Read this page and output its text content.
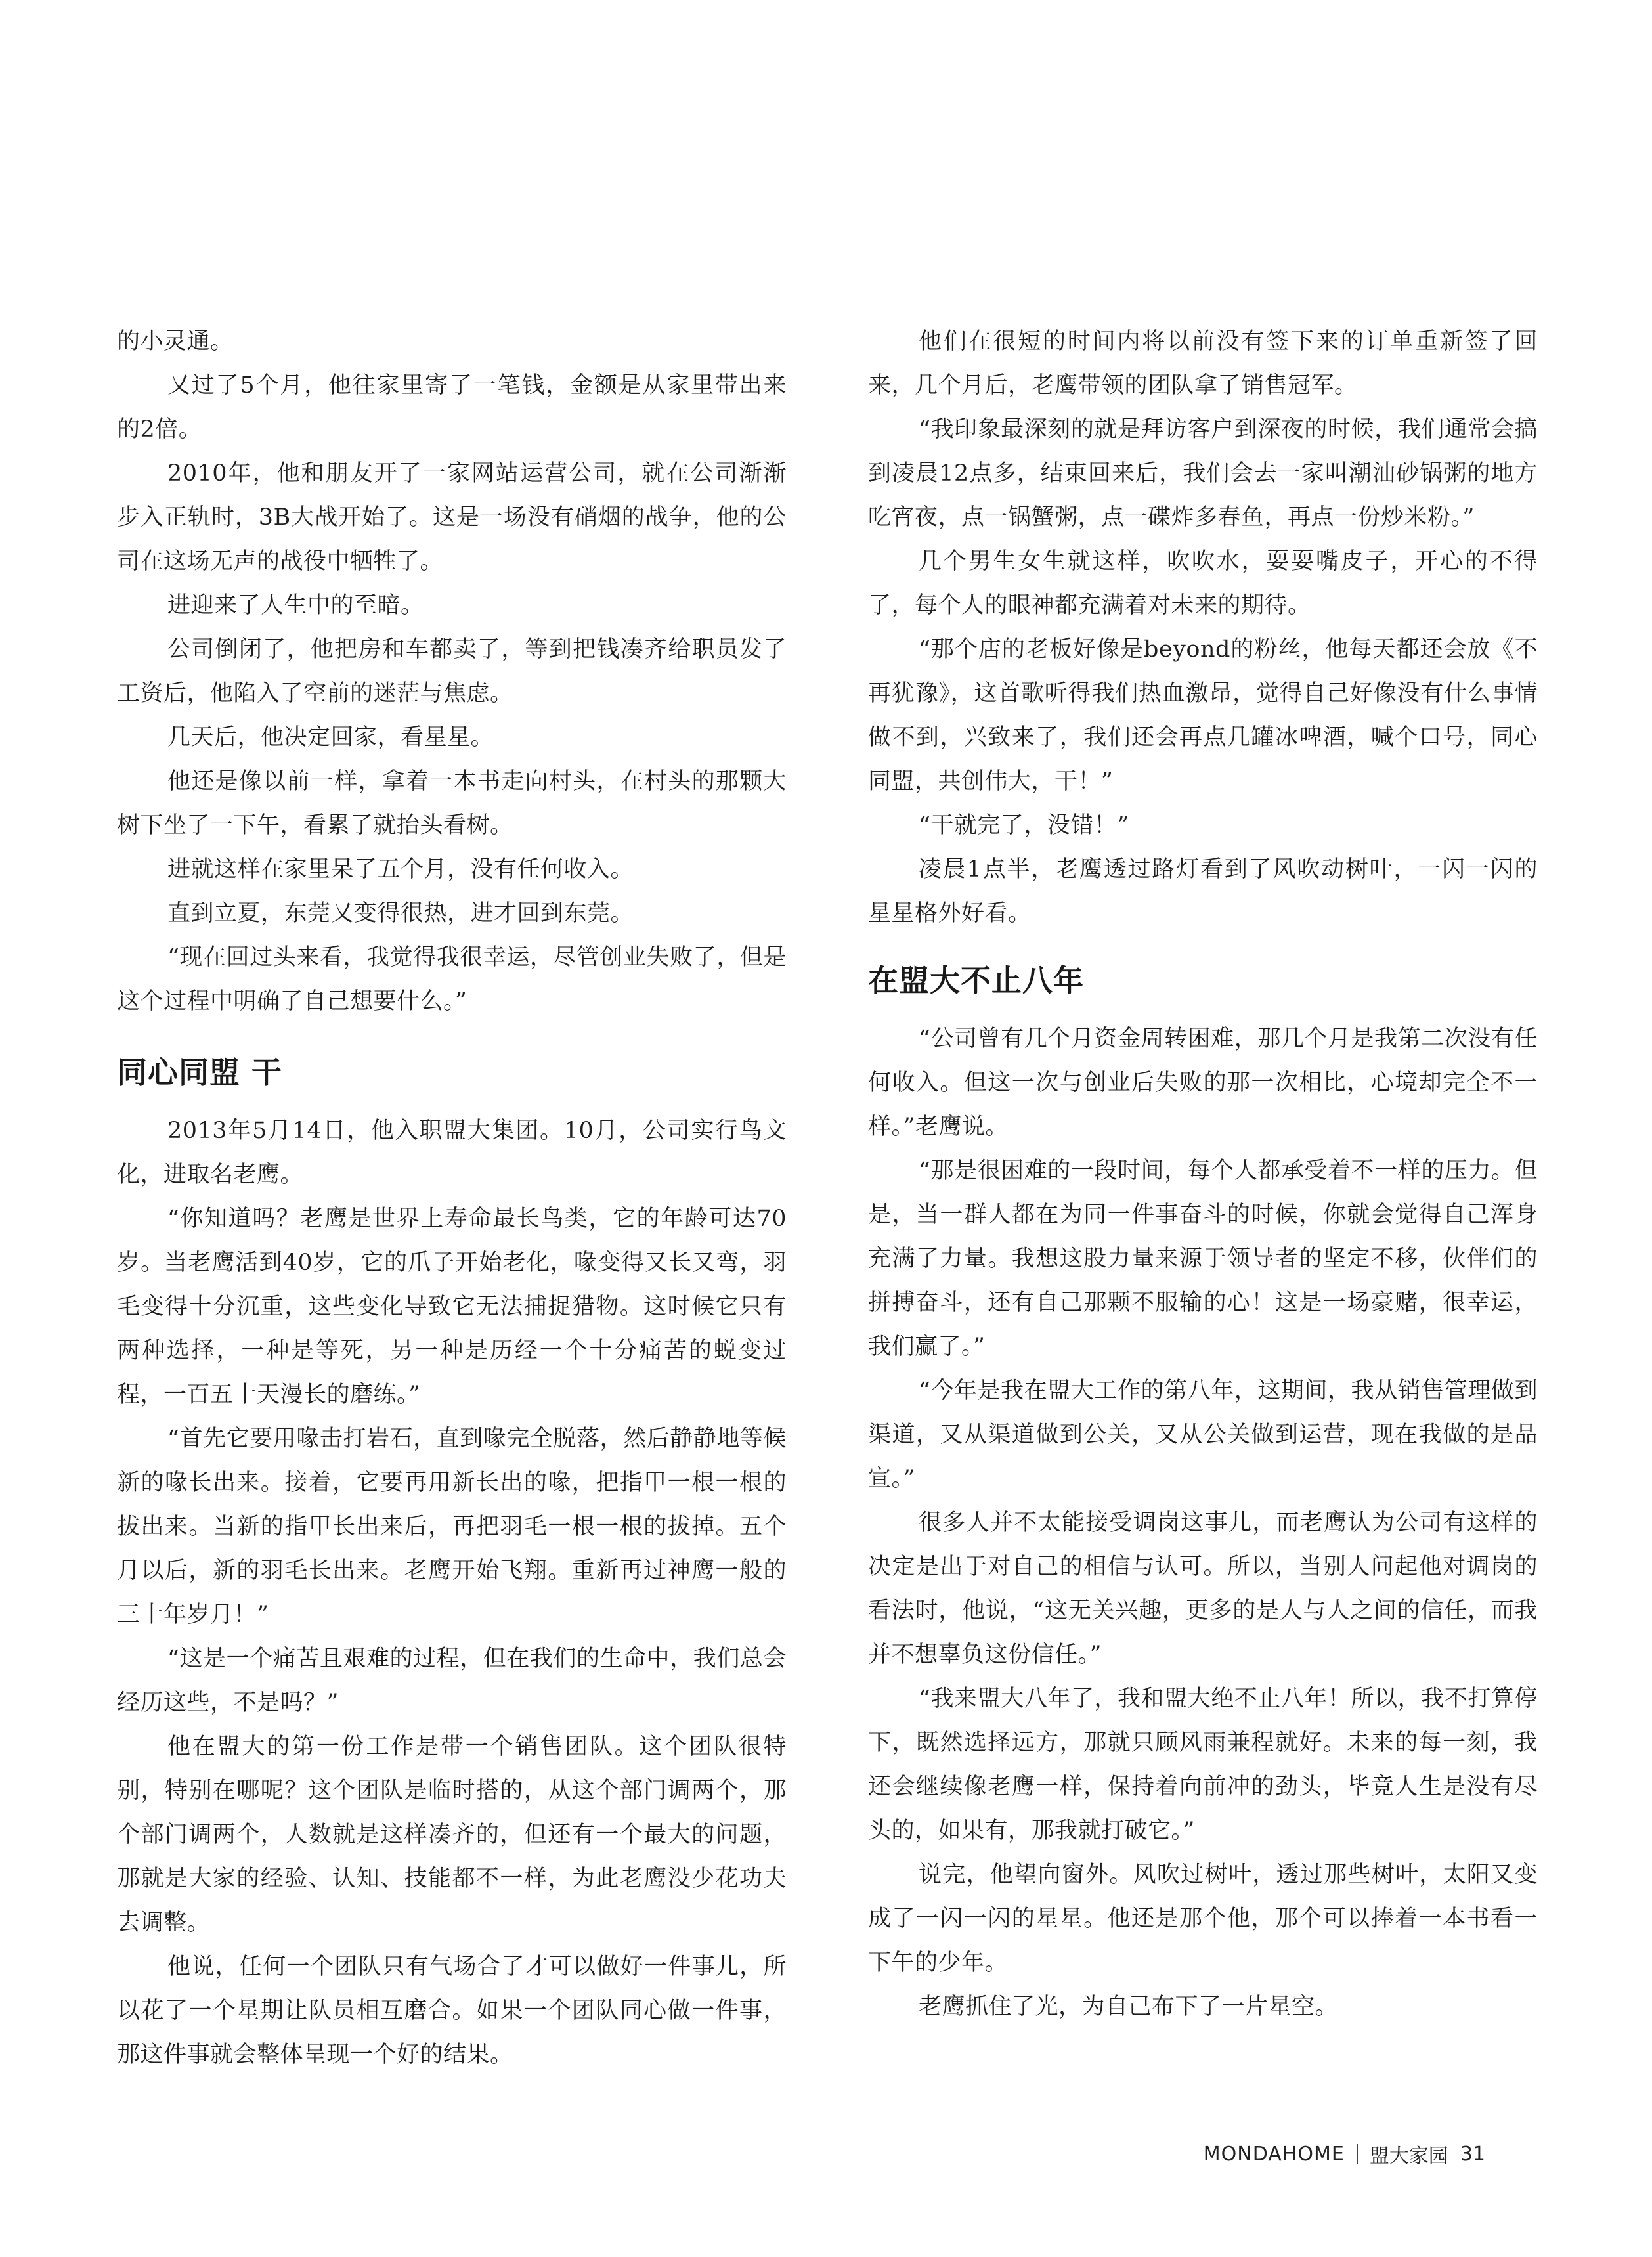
的小灵通。

又过了5个月，他往家里寄了一笔钱，金额是从家里带出来的2倍。

2010年，他和朋友开了一家网站运营公司，就在公司渐渐步入正轨时，3B大战开始了。这是一场没有硝烟的战争，他的公司在这场无声的战役中牺牲了。

进迎来了人生中的至暗。

公司倒闭了，他把房和车都卖了，等到把钱凑齐给职员发了工资后，他陷入了空前的迷茫与焦虑。

几天后，他决定回家，看星星。

他还是像以前一样，拿着一本书走向村头，在村头的那颗大树下坐了一下午，看累了就抬头看树。

进就这样在家里呆了五个月，没有任何收入。

直到立夏，东莞又变得很热，进才回到东莞。

“现在回过头来看，我觉得我很幸运，尽管创业失败了，但是这个过程中明确了自己想要什么。”

同心同盟 干

2013年5月14日，他入职盟大集团。10月，公司实行鸟文化，进取名老鹰。

“你知道吗？老鹰是世界上寿命最长鸟类，它的年龄可达70岁。当老鹰活到40岁，它的爪子开始老化，喙变得又长又弯，羽毛变得十分沉重，这些变化导致它无法捕捉猎物。这时候它只有两种选择，一种是等死，另一种是历经一个十分痛苦的蜕变过程，一百五十天漫长的磨练。”

“首先它要用喙击打岩石，直到喙完全脱落，然后静静地等候新的喙长出来。接着，它要再用新长出的喙，把指甲一根一根的拔出来。当新的指甲长出来后，再把羽毛一根一根的拔掉。五个月以后，新的羽毛长出来。老鹰开始飞翔。重新再过神鹰一般的三十年岁月！”

“这是一个痛苦且艰难的过程，但在我们的生命中，我们总会经历这些，不是吗？”

他在盟大的第一份工作是带一个销售团队。这个团队很特别，特别在哪呢？这个团队是临时搭的，从这个部门调两个，那个部门调两个，人数就是这样凑齐的，但还有一个最大的问题，那就是大家的经验、认知、技能都不一样，为此老鹰没少花功夫去调整。

他说，任何一个团队只有气场合了才可以做好一件事儿，所以花了一个星期让队员相互磨合。如果一个团队同心做一件事，那这件事就会整体呈现一个好的结果。

他们在很短的时间内将以前没有签下来的订单重新签了回来，几个月后，老鹰带领的团队拿了销售冠军。

“我印象最深刻的就是拜访客户到深夜的时候，我们通常会搞到凌晨12点多，结束回来后，我们会去一家叫潮汕砂锅粥的地方吃宵夜，点一锅蟹粥，点一碟炸多春鱼，再点一份炒米粉。”

几个男生女生就这样，吹吹水，耍耍嘴皮子，开心的不得了，每个人的眼神都充满着对未来的期待。

“那个店的老板好像是beyond的粉丝，他每天都还会放《不再犹豫》，这首歌听得我们热血激昂，觉得自己好像没有什么事情做不到，兴致来了，我们还会再点几罐冰啤酒，喊个口号，同心同盟，共创伟大，干！”

“干就完了，没错！”

凌晨1点半，老鹰透过路灯看到了风吹动树叶，一闪一闪的星星格外好看。

在盟大不止八年

“公司曾有几个月资金周转困难，那几个月是我第二次没有任何收入。但这一次与创业后失败的那一次相比，心境却完全不一样。”老鹰说。

“那是很困难的一段时间，每个人都承受着不一样的压力。但是，当一群人都在为同一件事奋斗的时候，你就会觉得自己浑身充满了力量。我想这股力量来源于领导者的坚定不移，伙伴们的拼搏奋斗，还有自己那颗不服输的心！这是一场豪赌，很幸运，我们赢了。”

“今年是我在盟大工作的第八年，这期间，我从销售管理做到渠道，又从渠道做到公关，又从公关做到运营，现在我做的是品宣。”

很多人并不太能接受调岗这事儿，而老鹰认为公司有这样的决定是出于对自己的相信与认可。所以，当别人问起他对调岗的看法时，他说，“这无关兴趣，更多的是人与人之间的信任，而我并不想辜负这份信任。”

“我来盟大八年了，我和盟大绝不止八年！所以，我不打算停下，既然选择远方，那就只顾风雨兼程就好。未来的每一刻，我还会继续像老鹰一样，保持着向前冲的劲头，毕竟人生是没有尽头的，如果有，那我就打破它。”

说完，他望向窗外。风吹过树叶，透过那些树叶，太阳又变成了一闪一闪的星星。他还是那个他，那个可以捧着一本书看一下午的少年。

老鹰抓住了光，为自己布下了一片星空。

MONDAHOME 盟大家园 31
